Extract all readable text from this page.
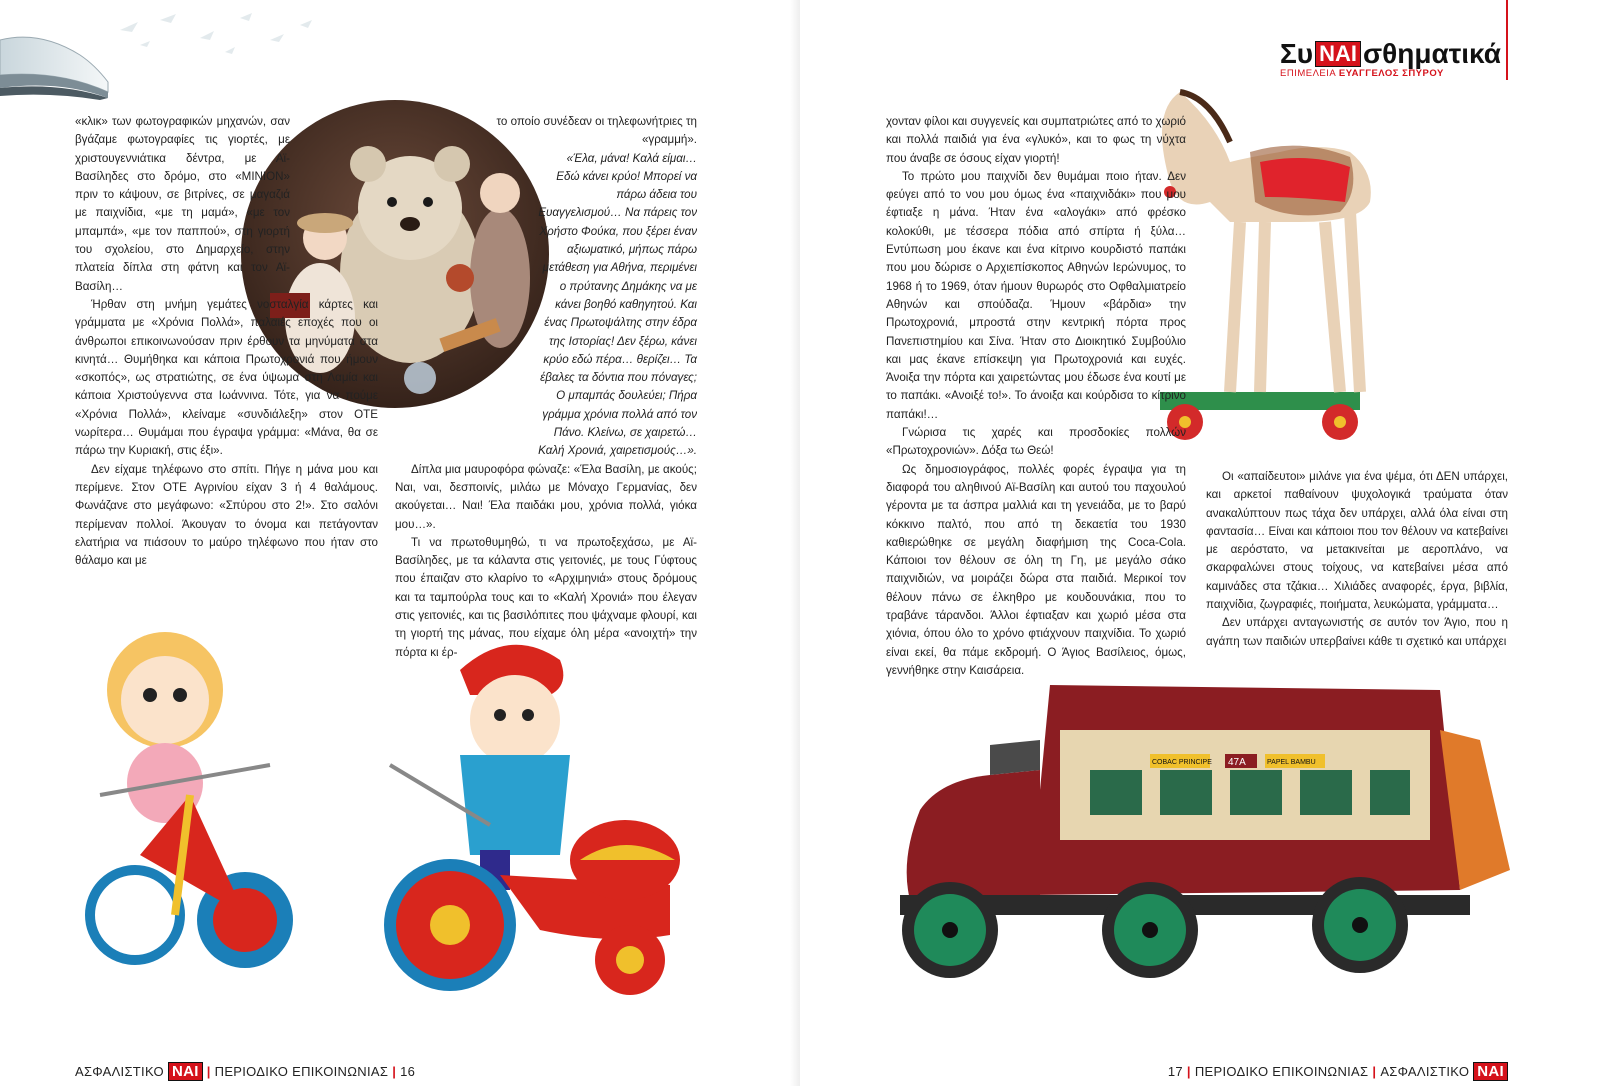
«κλικ» των φωτογραφικών μηχανών, σαν βγάζαμε φωτογραφίες τις γιορτές, με χριστουγεννιάτικα δέντρα, με Αϊ-Βασίληδες στο δρόμο, στο «MINION» πριν το κάψουν, σε βιτρίνες, σε μαγαζιά με παιχνίδια, «με τη μαμά», «με τον μπαμπά», «με τον παππού», στη γιορτή του σχολείου, στο Δημαρχείο, στην πλατεία δίπλα στη φάτνη και τον Αϊ-Βασίλη…

Ήρθαν στη μνήμη γεμάτες νοσταλγία κάρτες και γράμματα με «Χρόνια Πολλά», παλαιές εποχές που οι άνθρωποι επικοινωνούσαν πριν έρθουν τα μηνύματα στα κινητά… Θυμήθηκα και κάποια Πρωτοχρονιά που ήμουν «σκοπός», ως στρατιώτης, σε ένα ύψωμα στη Λαμία και κάποια Χριστούγεννα στα Ιωάννινα. Τότε, για να πούμε «Χρόνια Πολλά», κλείναμε «συνδιάλεξη» στον ΟΤΕ νωρίτερα… Θυμάμαι που έγραψα γράμμα: «Μάνα, θα σε πάρω την Κυριακή, στις έξι».

Δεν είχαμε τηλέφωνο στο σπίτι. Πήγε η μάνα μου και περίμενε. Στον ΟΤΕ Αγρινίου είχαν 3 ή 4 θαλάμους. Φωνάζανε στο μεγάφωνο: «Σπύρου στο 2!». Στο σαλόνι περίμεναν πολλοί. Άκουγαν το όνομα και πετάγονταν ελατήρια να πιάσουν το μαύρο τηλέφωνο που ήταν στο θάλαμο και με

το οποίο συνέδεαν οι τηλεφωνήτριες τη «γραμμή».

«Έλα, μάνα! Καλά είμαι… Εδώ κάνει κρύο! Μπορεί να πάρω άδεια του Ευαγγελισμού… Να πάρεις τον Χρήστο Φούκα, που ξέρει έναν αξιωματικό, μήπως πάρω μετάθεση για Αθήνα, περιμένει ο πρύτανης Δημάκης να με κάνει βοηθό καθηγητού. Και ένας Πρωτοψάλτης στην έδρα της Ιστορίας! Δεν ξέρω, κάνει κρύο εδώ πέρα… θερίζει… Τα έβαλες τα δόντια που πόναγες; Ο μπαμπάς δουλεύει; Πήρα γράμμα χρόνια πολλά από τον Πάνο. Κλείνω, σε χαιρετώ… Καλή Χρονιά, χαιρετισμούς…».

Δίπλα μια μαυροφόρα φώναζε: «Έλα Βασίλη, με ακούς; Ναι, ναι, δεσποινίς, μιλάω με Μόναχο Γερμανίας, δεν ακούγεται… Ναι! Έλα παιδάκι μου, χρόνια πολλά, γιόκα μου…».

Τι να πρωτοθυμηθώ, τι να πρωτοξεχάσω, με Αϊ-Βασίληδες, με τα κάλαντα στις γειτονιές, με τους Γύφτους που έπαιζαν στο κλαρίνο το «Αρχιμηνιά» στους δρόμους και τα ταμπούρλα τους και το «Καλή Χρονιά» που έλεγαν στις γειτονιές, και τις βασιλόπιτες που ψάχναμε φλουρί, και τη γιορτή της μάνας, που είχαμε όλη μέρα «ανοιχτή» την πόρτα κι έρ-

ΑΣΦΑΛΙΣΤΙΚΟ ΝΑΙ | ΠΕΡΙΟΔΙΚΟ ΕΠΙΚΟΙΝΩΝΙΑΣ | 16
Συ ΝΑΙ σθηματικά
ΕΠΙΜΕΛΕΙΑ ΕΥΑΓΓΕΛΟΣ ΣΠΥΡΟΥ

χονταν φίλοι και συγγενείς και συμπατριώτες από το χωριό και πολλά παιδιά για ένα «γλυκό», και το φως τη νύχτα που άναβε σε όσους είχαν γιορτή!

Το πρώτο μου παιχνίδι δεν θυμάμαι ποιο ήταν. Δεν φεύγει από το νου μου όμως ένα «παιχνιδάκι» που μου έφτιαξε η μάνα. Ήταν ένα «αλογάκι» από φρέσκο κολοκύθι, με τέσσερα πόδια από σπίρτα ή ξύλα… Εντύπωση μου έκανε και ένα κίτρινο κουρδιστό παπάκι που μου δώρισε ο Αρχιεπίσκοπος Αθηνών Ιερώνυμος, το 1968 ή το 1969, όταν ήμουν θυρωρός στο Οφθαλμιατρείο Αθηνών και σπούδαζα. Ήμουν «βάρδια» την Πρωτοχρονιά, μπροστά στην κεντρική πόρτα προς Πανεπιστημίου και Σίνα. Ήταν στο Διοικητικό Συμβούλιο και μας έκανε επίσκεψη για Πρωτοχρονιά και ευχές. Άνοιξα την πόρτα και χαιρετώντας μου έδωσε ένα κουτί με το παπάκι. «Ανοιξέ το!». Το άνοιξα και κούρδισα το κίτρινο παπάκι!…

Γνώρισα τις χαρές και προσδοκίες πολλών «Πρωτοχρονιών». Δόξα τω Θεώ!

Ως δημοσιογράφος, πολλές φορές έγραψα για τη διαφορά του αληθινού Αϊ-Βασίλη και αυτού του παχουλού γέροντα με τα άσπρα μαλλιά και τη γενειάδα, με το βαρύ κόκκινο παλτό, που από τη δεκαετία του 1930 καθιερώθηκε σε μεγάλη διαφήμιση της Coca-Cola. Κάποιοι τον θέλουν σε όλη τη Γη, με μεγάλο σάκο παιχνιδιών, να μοιράζει δώρα στα παιδιά. Μερικοί τον θέλουν πάνω σε έλκηθρο με κουδουνάκια, που το τραβάνε τάρανδοι. Άλλοι έφτιαξαν και χωριό μέσα στα χιόνια, όπου όλο το χρόνο φτιάχνουν παιχνίδια. Το χωριό είναι εκεί, θα πάμε εκδρομή. Ο Άγιος Βασίλειος, όμως, γεννήθηκε στην Καισάρεια.

Οι «απαίδευτοι» μιλάνε για ένα ψέμα, ότι ΔΕΝ υπάρχει, και αρκετοί παθαίνουν ψυχολογικά τραύματα όταν ανακαλύπτουν πως τάχα δεν υπάρχει, αλλά όλα είναι στη φαντασία… Είναι και κάποιοι που τον θέλουν να κατεβαίνει με αερόστατο, να μετακινείται με αεροπλάνο, να σκαρφαλώνει στους τοίχους, να κατεβαίνει μέσα από καμινάδες στα τζάκια… Χιλιάδες αναφορές, έργα, βιβλία, παιχνίδια, ζωγραφιές, ποιήματα, λευκώματα, γράμματα…

Δεν υπάρχει ανταγωνιστής σε αυτόν τον Άγιο, που η αγάπη των παιδιών υπερβαίνει κάθε τι σχετικό και υπάρχει

COBAC PRINCIPE 47A	PAPEL BAMBU
17 | ΠΕΡΙΟΔΙΚΟ ΕΠΙΚΟΙΝΩΝΙΑΣ | ΑΣΦΑΛΙΣΤΙΚΟ ΝΑΙ
